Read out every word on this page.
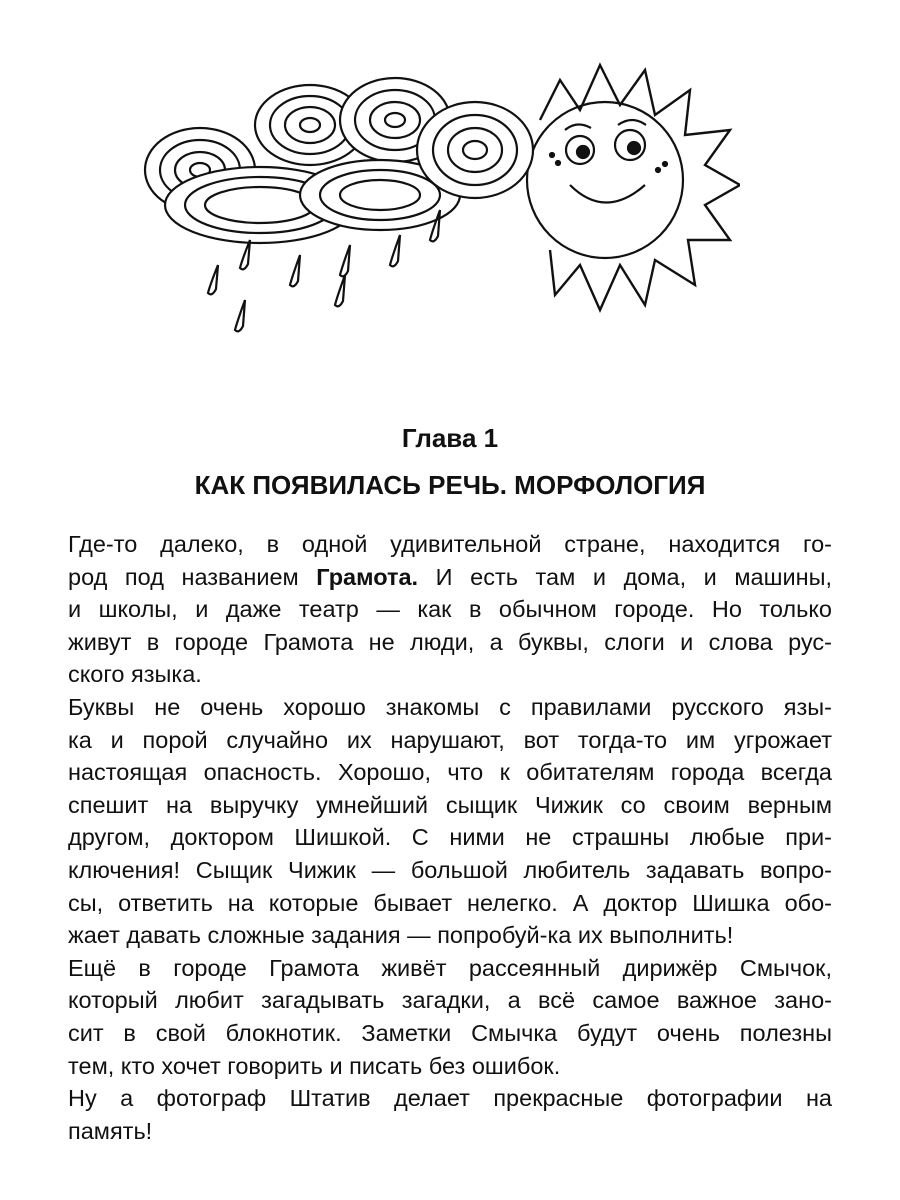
Глава 1
КАК ПОЯВИЛАСЬ РЕЧЬ. МОРФОЛОГИЯ
Где-то далеко, в одной удивительной стране, находится го-
род под названием Грамота. И есть там и дома, и машины,
и школы, и даже театр — как в обычном городе. Но только
живут в городе Грамота не люди, а буквы, слоги и слова рус-
ского языка.
Буквы не очень хорошо знакомы с правилами русского язы-
ка и порой случайно их нарушают, вот тогда-то им угрожает
настоящая опасность. Хорошо, что к обитателям города всегда
спешит на выручку умнейший сыщик Чижик со своим верным
другом, доктором Шишкой. С ними не страшны любые при-
ключения! Сыщик Чижик — большой любитель задавать вопро-
сы, ответить на которые бывает нелегко. А доктор Шишка обо-
жает давать сложные задания — попробуй-ка их выполнить!
Ещё в городе Грамота живёт рассеянный дирижёр Смычок,
который любит загадывать загадки, а всё самое важное зано-
сит в свой блокнотик. Заметки Смычка будут очень полезны
тем, кто хочет говорить и писать без ошибок.
Ну а фотограф Штатив делает прекрасные фотографии на
память!
